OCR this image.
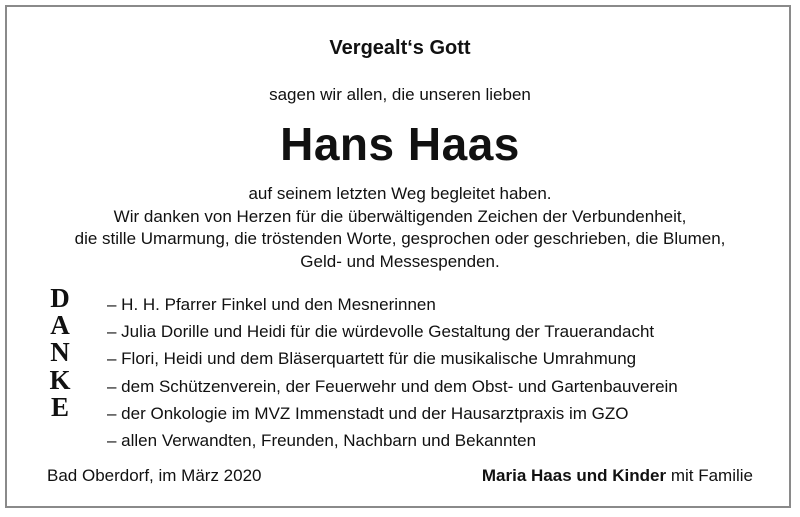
Vergealt‘s Gott
sagen wir allen, die unseren lieben
Hans Haas
auf seinem letzten Weg begleitet haben.
Wir danken von Herzen für die überwältigenden Zeichen der Verbundenheit,
die stille Umarmung, die tröstenden Worte, gesprochen oder geschrieben, die Blumen,
Geld- und Messespenden.
D
A
N
K
E
– H. H. Pfarrer Finkel und den Mesnerinnen
– Julia Dorille und Heidi für die würdevolle Gestaltung der Trauerandacht
– Flori, Heidi und dem Bläserquartett für die musikalische Umrahmung
– dem Schützenverein, der Feuerwehr und dem Obst- und Gartenbauverein
– der Onkologie im MVZ Immenstadt und der Hausarztpraxis im GZO
– allen Verwandten, Freunden, Nachbarn und Bekannten
Bad Oberdorf, im März 2020	Maria Haas und Kinder mit Familie
